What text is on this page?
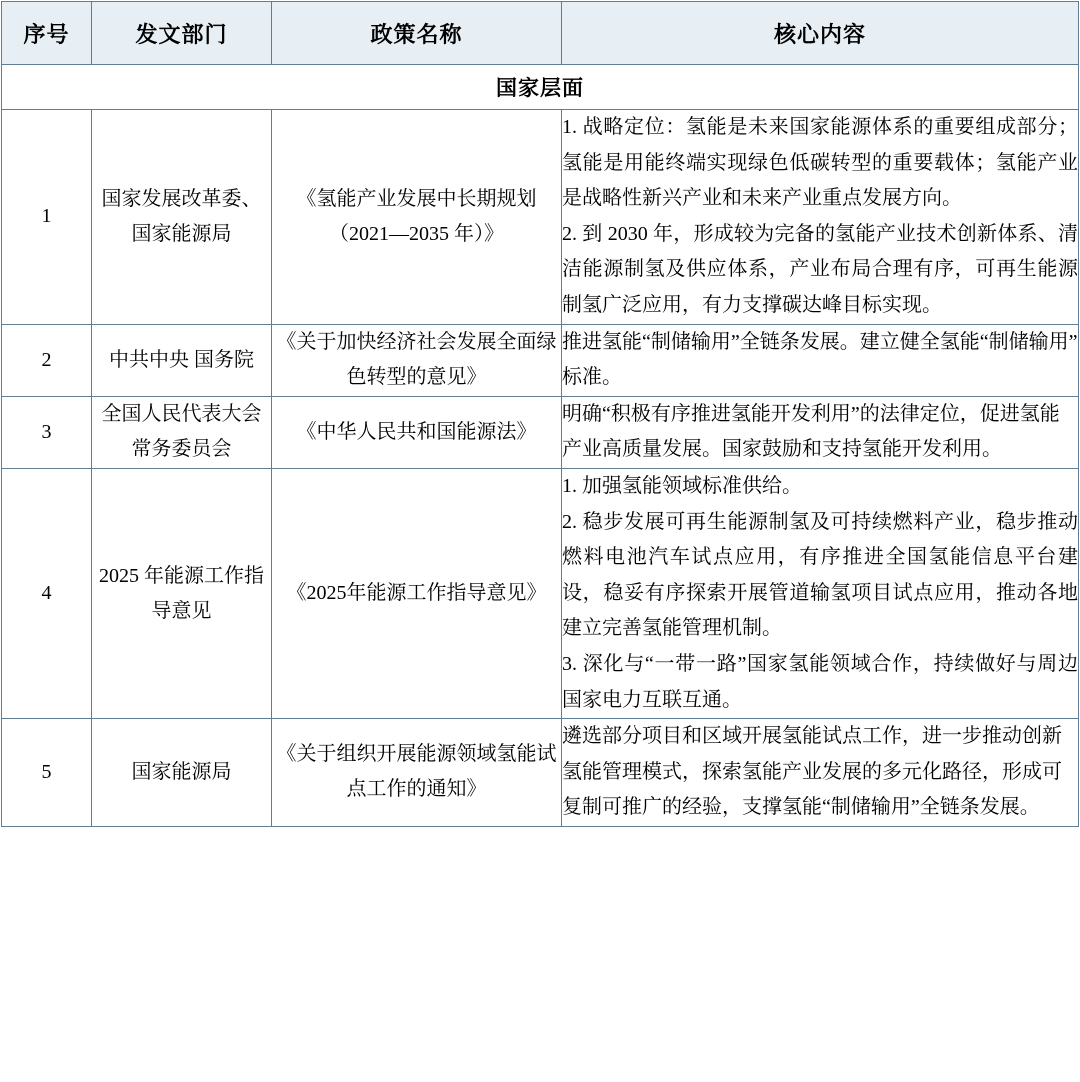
序号	发文部门	政策名称	核心内容
国家层面			
1	国家发展改革委、国家能源局	《氢能产业发展中长期规划（2021—2035 年）》	1. 战略定位：氢能是未来国家能源体系的重要组成部分；氢能是用能终端实现绿色低碳转型的重要载体；氢能产业是战略性新兴产业和未来产业重点发展方向。

2. 到 2030 年，形成较为完备的氢能产业技术创新体系、清洁能源制氢及供应体系，产业布局合理有序，可再生能源制氢广泛应用，有力支撑碳达峰目标实现。

2	中共中央 国务院	《关于加快经济社会发展全面绿色转型的意见》	推进氢能“制储输用”全链条发展。建立健全氢能“制储输用”标准。
3	全国人民代表大会常务委员会	《中华人民共和国能源法》	明确“积极有序推进氢能开发利用”的法律定位，促进氢能产业高质量发展。国家鼓励和支持氢能开发利用。
4	2025 年能源工作指导意见	《2025年能源工作指导意见》	1. 加强氢能领域标准供给。

2. 稳步发展可再生能源制氢及可持续燃料产业，稳步推动燃料电池汽车试点应用，有序推进全国氢能信息平台建设，稳妥有序探索开展管道输氢项目试点应用，推动各地建立完善氢能管理机制。

3. 深化与“一带一路”国家氢能领域合作，持续做好与周边国家电力互联互通。

5	国家能源局	《关于组织开展能源领域氢能试点工作的通知》	遴选部分项目和区域开展氢能试点工作，进一步推动创新氢能管理模式，探索氢能产业发展的多元化路径，形成可复制可推广的经验，支撑氢能“制储输用”全链条发展。
